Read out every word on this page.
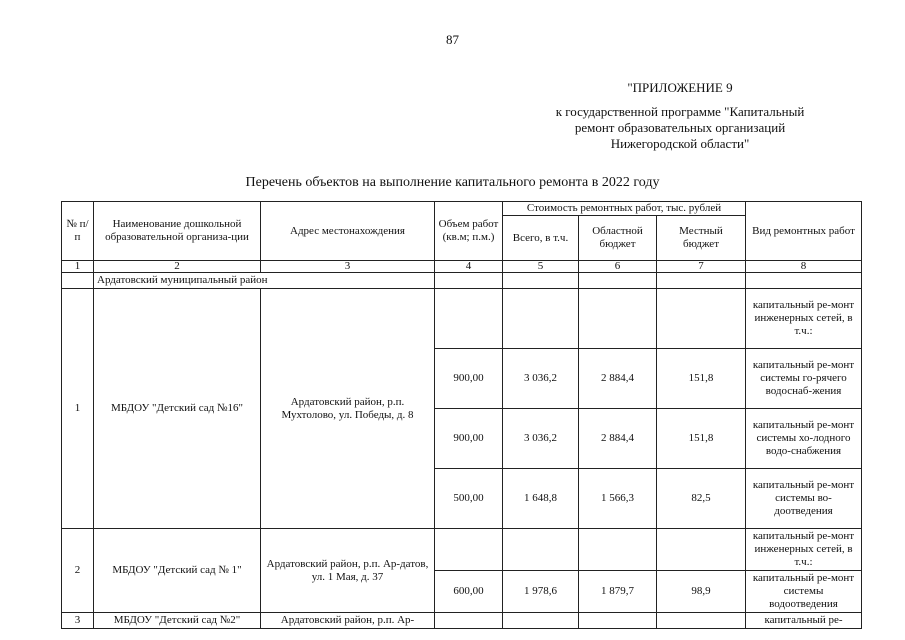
87
"ПРИЛОЖЕНИЕ 9
к государственной программе "Капитальный
ремонт образовательных организаций
Нижегородской области"
Перечень объектов на выполнение капитального ремонта в 2022 году
№ п/п	Наименование дошкольной образовательной организа-ции	Адрес местонахождения	Объем работ (кв.м; п.м.)	Стоимость ремонтных работ, тыс. рублей			Вид ремонтных работ
				Всего, в т.ч.	Областной бюджет	Местный бюджет	
1	2	3	4	5	6	7	8
	Ардатовский муниципальный район						
1	МБДОУ "Детский сад №16"	Ардатовский район, р.п. Мухтолово, ул. Победы, д. 8					капитальный ре-монт инженерных сетей, в т.ч.:
			900,00	3 036,2	2 884,4	151,8	капитальный ре-монт системы го-рячего водоснаб-жения
			900,00	3 036,2	2 884,4	151,8	капитальный ре-монт системы хо-лодного водо-снабжения
			500,00	1 648,8	1 566,3	82,5	капитальный ре-монт системы во-доотведения
2	МБДОУ "Детский сад № 1"	Ардатовский район, р.п. Ар-датов, ул. 1 Мая, д. 37					капитальный ре-монт инженерных сетей, в т.ч.:
			600,00	1 978,6	1 879,7	98,9	капитальный ре-монт системы водоотведения
3	МБДОУ "Детский сад №2"	Ардатовский район, р.п. Ар-					капитальный ре-
